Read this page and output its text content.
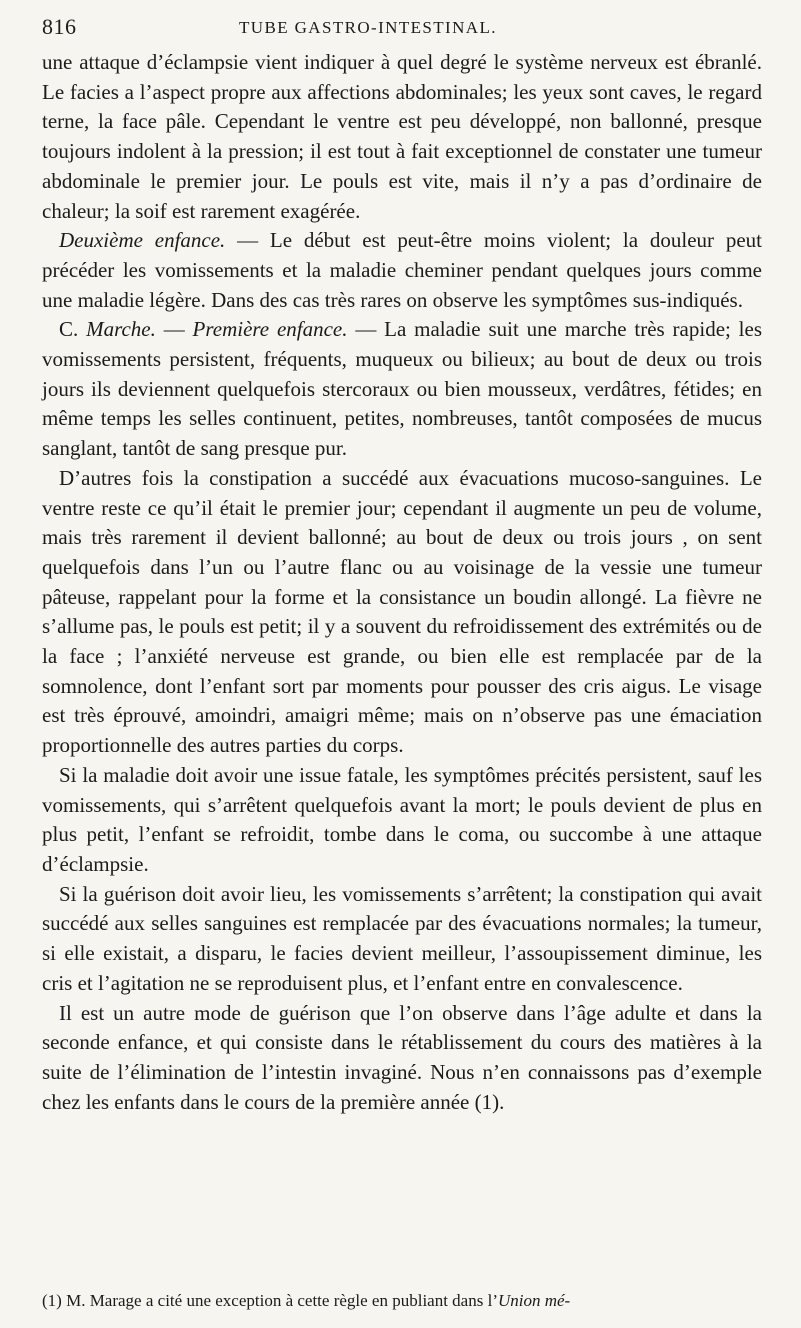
816	TUBE GASTRO-INTESTINAL.

une attaque d’éclampsie vient indiquer à quel degré le système nerveux est ébranlé. Le facies a l’aspect propre aux affections abdominales; les yeux sont caves, le regard terne, la face pâle. Cependant le ventre est peu développé, non ballonné, presque toujours indolent à la pression; il est tout à fait exceptionnel de constater une tumeur abdominale le premier jour. Le pouls est vite, mais il n’y a pas d’ordinaire de chaleur; la soif est rarement exagérée.

Deuxième enfance. — Le début est peut-être moins violent; la douleur peut précéder les vomissements et la maladie cheminer pendant quelques jours comme une maladie légère. Dans des cas très rares on observe les symptômes sus-indiqués.

C. Marche. — Première enfance. — La maladie suit une marche très rapide; les vomissements persistent, fréquents, muqueux ou bilieux; au bout de deux ou trois jours ils deviennent quelquefois stercoraux ou bien mousseux, verdâtres, fétides; en même temps les selles continuent, petites, nombreuses, tantôt composées de mucus sanglant, tantôt de sang presque pur.

D’autres fois la constipation a succédé aux évacuations mucoso-sanguines. Le ventre reste ce qu’il était le premier jour; cependant il augmente un peu de volume, mais très rarement il devient ballonné; au bout de deux ou trois jours , on sent quelquefois dans l’un ou l’autre flanc ou au voisinage de la vessie une tumeur pâteuse, rappelant pour la forme et la consistance un boudin allongé. La fièvre ne s’allume pas, le pouls est petit; il y a souvent du refroidissement des extrémités ou de la face ; l’anxiété nerveuse est grande, ou bien elle est remplacée par de la somnolence, dont l’enfant sort par moments pour pousser des cris aigus. Le visage est très éprouvé, amoindri, amaigri même; mais on n’observe pas une émaciation proportionnelle des autres parties du corps.

Si la maladie doit avoir une issue fatale, les symptômes précités persistent, sauf les vomissements, qui s’arrêtent quelquefois avant la mort; le pouls devient de plus en plus petit, l’enfant se refroidit, tombe dans le coma, ou succombe à une attaque d’éclampsie.

Si la guérison doit avoir lieu, les vomissements s’arrêtent; la constipation qui avait succédé aux selles sanguines est remplacée par des évacuations normales; la tumeur, si elle existait, a disparu, le facies devient meilleur, l’assoupissement diminue, les cris et l’agitation ne se reproduisent plus, et l’enfant entre en convalescence.

Il est un autre mode de guérison que l’on observe dans l’âge adulte et dans la seconde enfance, et qui consiste dans le rétablissement du cours des matières à la suite de l’élimination de l’intestin invaginé. Nous n’en connaissons pas d’exemple chez les enfants dans le cours de la première année (1).

(1) M. Marage a cité une exception à cette règle en publiant dans l’Union mé-
